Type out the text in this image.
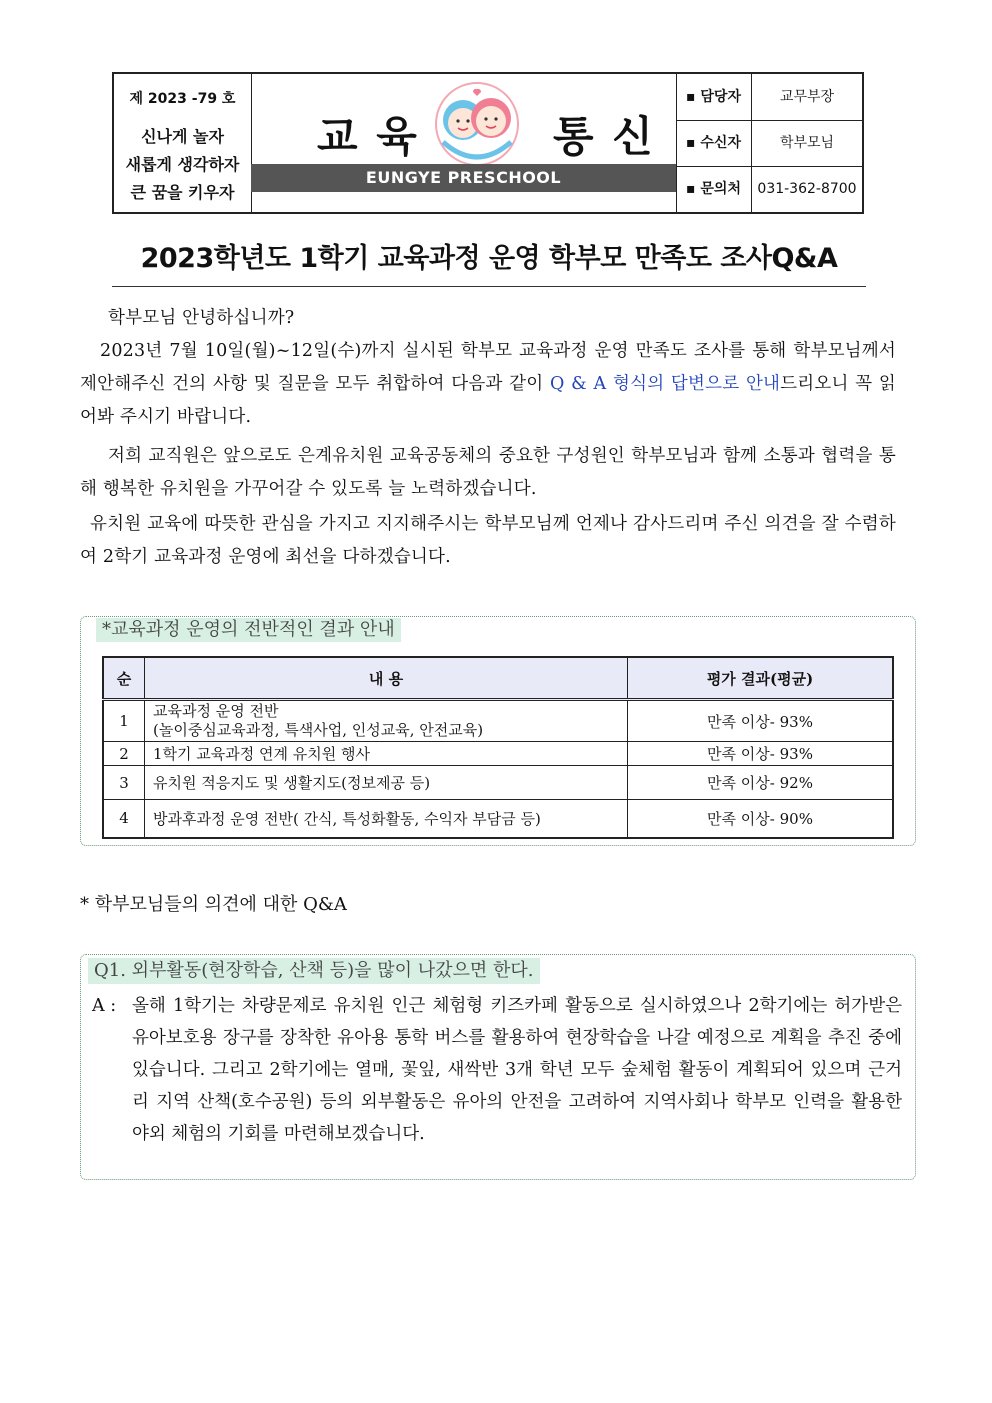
제 2023 -79 호
신나게 놀자
새롭게 생각하자
큰 꿈을 키우자
교 육	통 신
EUNGYE PRESCHOOL
▪ 담당자	교무부장
▪ 수신자	학부모님
▪ 문의처	031-362-8700
2023학년도 1학기 교육과정 운영 학부모 만족도 조사Q&A
학부모님 안녕하십니까?
2023년 7월 10일(월)~12일(수)까지 실시된 학부모 교육과정 운영 만족도 조사를 통해 학부모님께서 제안해주신 건의 사항 및 질문을 모두 취합하여 다음과 같이 Q & A 형식의 답변으로 안내드리오니 꼭 읽어봐 주시기 바랍니다.
저희 교직원은 앞으로도 은계유치원 교육공동체의 중요한 구성원인 학부모님과 함께 소통과 협력을 통해 행복한 유치원을 가꾸어갈 수 있도록 늘 노력하겠습니다.
유치원 교육에 따뜻한 관심을 가지고 지지해주시는 학부모님께 언제나 감사드리며 주신 의견을 잘 수렴하여 2학기 교육과정 운영에 최선을 다하겠습니다.
*교육과정 운영의 전반적인 결과 안내
순	내 용	평가 결과(평균)
1	교육과정 운영 전반
(놀이중심교육과정, 특색사업, 인성교육, 안전교육)	만족 이상- 93%
2	1학기 교육과정 연계 유치원 행사	만족 이상- 93%
3	유치원 적응지도 및 생활지도(정보제공 등)	만족 이상- 92%
4	방과후과정 운영 전반( 간식, 특성화활동, 수익자 부담금 등)	만족 이상- 90%
* 학부모님들의 의견에 대한 Q&A
Q1. 외부활동(현장학습, 산책 등)을 많이 나갔으면 한다.
A : 올해 1학기는 차량문제로 유치원 인근 체험형 키즈카페 활동으로 실시하였으나 2학기에는 허가받은 유아보호용 장구를 장착한 유아용 통학 버스를 활용하여 현장학습을 나갈 예정으로 계획을 추진 중에 있습니다. 그리고 2학기에는 열매, 꽃잎, 새싹반 3개 학년 모두 숲체험 활동이 계획되어 있으며 근거리 지역 산책(호수공원) 등의 외부활동은 유아의 안전을 고려하여 지역사회나 학부모 인력을 활용한 야외 체험의 기회를 마련해보겠습니다.
